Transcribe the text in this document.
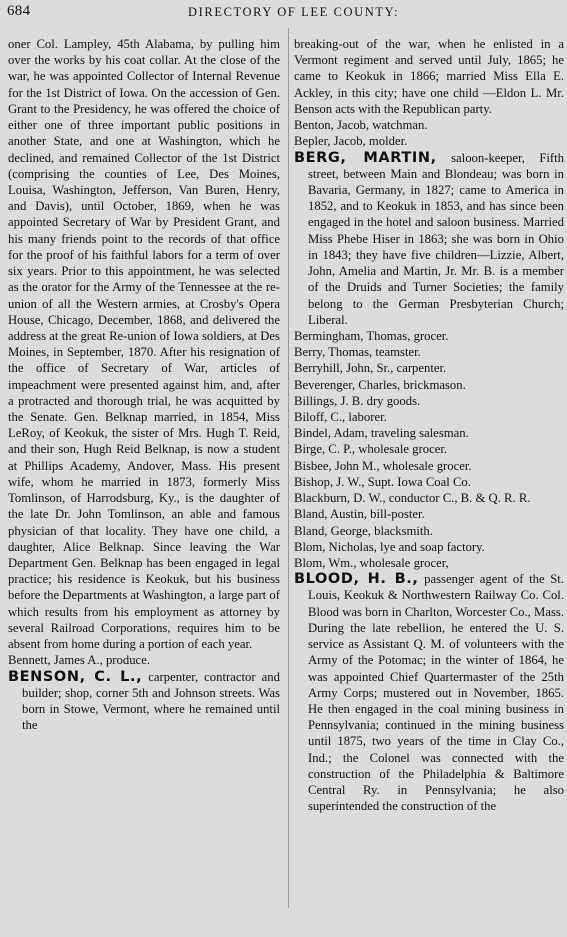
684	DIRECTORY OF LEE COUNTY:

oner Col. Lampley, 45th Alabama, by pulling him over the works by his coat collar. At the close of the war, he was appointed Collector of Internal Revenue for the 1st District of Iowa. On the accession of Gen. Grant to the Presidency, he was offered the choice of either one of three important public positions in another State, and one at Washington, which he declined, and remained Collector of the 1st District (comprising the counties of Lee, Des Moines, Louisa, Washington, Jefferson, Van Buren, Henry, and Davis), until October, 1869, when he was appointed Secretary of War by President Grant, and his many friends point to the records of that office for the proof of his faithful labors for a term of over six years. Prior to this appointment, he was selected as the orator for the Army of the Tennessee at the re-union of all the Western armies, at Crosby's Opera House, Chicago, December, 1868, and delivered the address at the great Re-union of Iowa soldiers, at Des Moines, in September, 1870. After his resignation of the office of Secretary of War, articles of impeachment were presented against him, and, after a protracted and thorough trial, he was acquitted by the Senate. Gen. Belknap married, in 1854, Miss LeRoy, of Keokuk, the sister of Mrs. Hugh T. Reid, and their son, Hugh Reid Belknap, is now a student at Phillips Academy, Andover, Mass. His present wife, whom he married in 1873, formerly Miss Tomlinson, of Harrodsburg, Ky., is the daughter of the late Dr. John Tomlinson, an able and famous physician of that locality. They have one child, a daughter, Alice Belknap. Since leaving the War Department Gen. Belknap has been engaged in legal practice; his residence is Keokuk, but his business before the Departments at Washington, a large part of which results from his employment as attorney by several Railroad Corporations, requires him to be absent from home during a portion of each year.

Bennett, James A., produce.

BENSON, C. L., carpenter, contractor and builder; shop, corner 5th and Johnson streets. Was born in Stowe, Vermont, where he remained until the

breaking-out of the war, when he enlisted in a Vermont regiment and served until July, 1865; he came to Keokuk in 1866; married Miss Ella E. Ackley, in this city; have one child —Eldon L. Mr. Benson acts with the Republican party.

Benton, Jacob, watchman.

Bepler, Jacob, molder.

BERG, MARTIN, saloon-keeper, Fifth street, between Main and Blondeau; was born in Bavaria, Germany, in 1827; came to America in 1852, and to Keokuk in 1853, and has since been engaged in the hotel and saloon business. Married Miss Phebe Hiser in 1863; she was born in Ohio in 1843; they have five children—Lizzie, Albert, John, Amelia and Martin, Jr. Mr. B. is a member of the Druids and Turner Societies; the family belong to the German Presbyterian Church; Liberal.

Bermingham, Thomas, grocer.

Berry, Thomas, teamster.

Berryhill, John, Sr., carpenter.

Beverenger, Charles, brickmason.

Billings, J. B. dry goods.

Biloff, C., laborer.

Bindel, Adam, traveling salesman.

Birge, C. P., wholesale grocer.

Bisbee, John M., wholesale grocer.

Bishop, J. W., Supt. Iowa Coal Co.

Blackburn, D. W., conductor C., B. & Q. R. R.

Bland, Austin, bill-poster.

Bland, George, blacksmith.

Blom, Nicholas, lye and soap factory.

Blom, Wm., wholesale grocer,

BLOOD, H. B., passenger agent of the St. Louis, Keokuk & Northwestern Railway Co. Col. Blood was born in Charlton, Worcester Co., Mass. During the late rebellion, he entered the U. S. service as Assistant Q. M. of volunteers with the Army of the Potomac; in the winter of 1864, he was appointed Chief Quartermaster of the 25th Army Corps; mustered out in November, 1865. He then engaged in the coal mining business in Pennsylvania; continued in the mining business until 1875, two years of the time in Clay Co., Ind.; the Colonel was connected with the construction of the Philadelphia & Baltimore Central Ry. in Pennsylvania; he also superintended the construction of the
